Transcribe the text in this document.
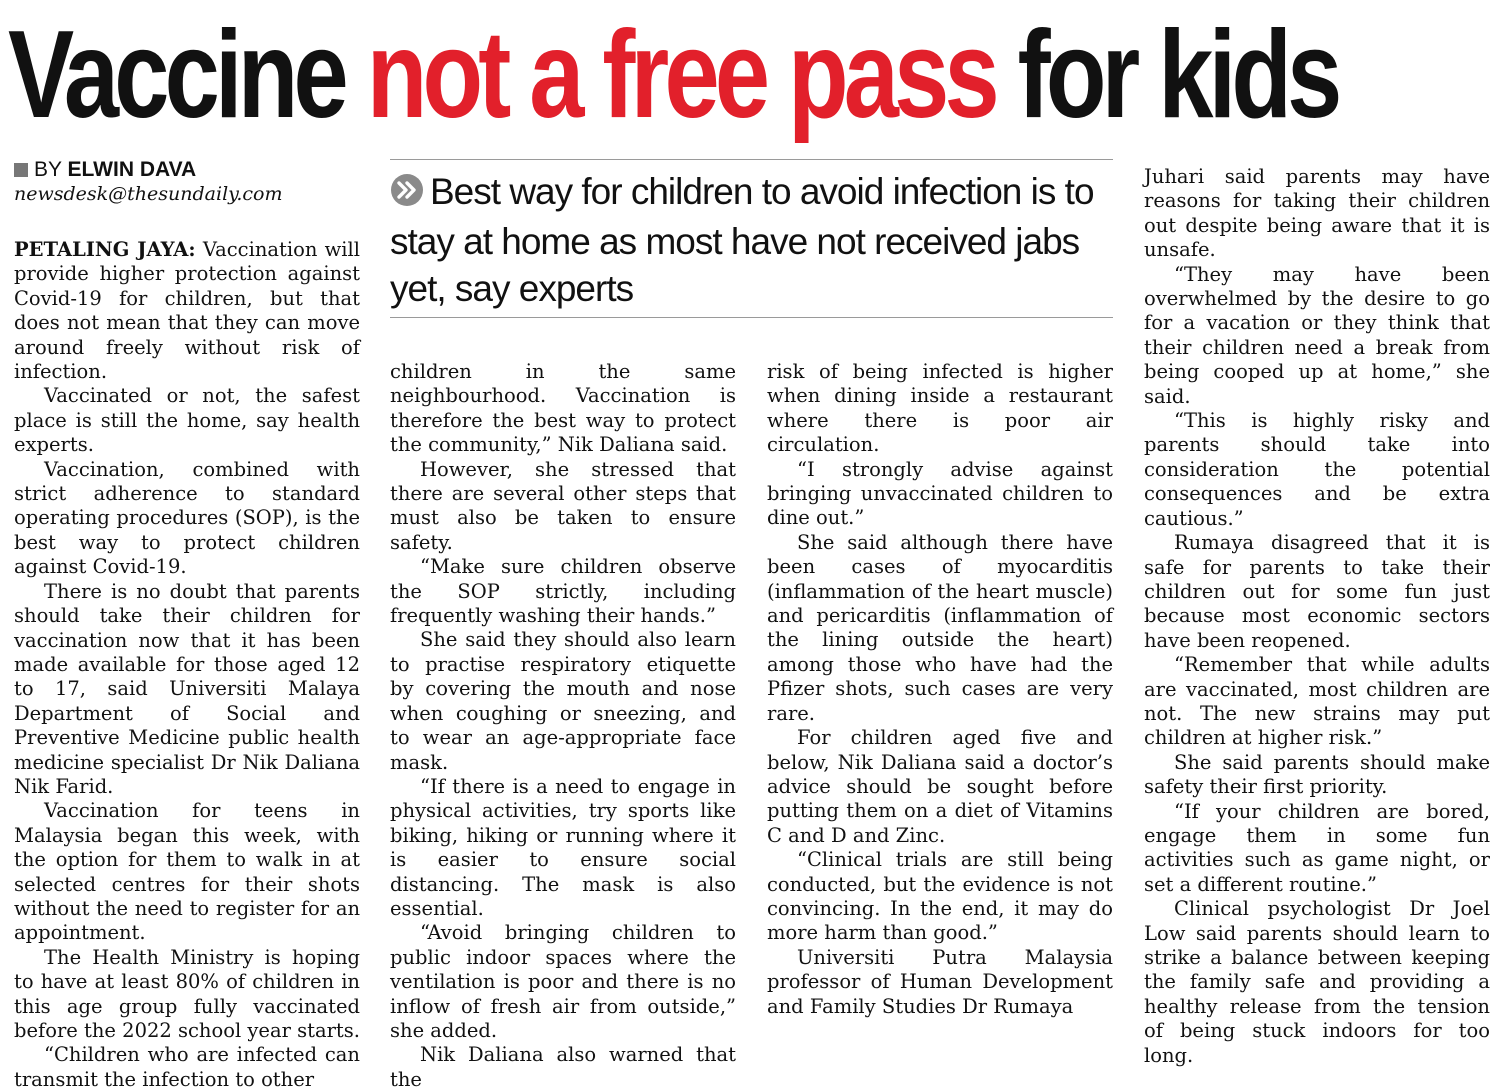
Vaccine not a free pass for kids
BY ELWIN DAVA
newsdesk@thesundaily.com	Best way for children to avoid infection is to stay at home as most have not received jabs yet, say experts

PETALING JAYA: Vaccination will provide higher protection against Covid-19 for children, but that does not mean that they can move around freely without risk of infection.

Vaccinated or not, the safest place is still the home, say health experts.

Vaccination, combined with strict adherence to standard operating procedures (SOP), is the best way to protect children against Covid-19.

There is no doubt that parents should take their children for vaccination now that it has been made available for those aged 12 to 17, said Universiti Malaya Department of Social and Preventive Medicine public health medicine specialist Dr Nik Daliana Nik Farid.

Vaccination for teens in Malaysia began this week, with the option for them to walk in at selected centres for their shots without the need to register for an appointment.

The Health Ministry is hoping to have at least 80% of children in this age group fully vaccinated before the 2022 school year starts.

“Children who are infected can transmit the infection to other

children in the same neighbourhood. Vaccination is therefore the best way to protect the community,” Nik Daliana said.

However, she stressed that there are several other steps that must also be taken to ensure safety.

“Make sure children observe the SOP strictly, including frequently washing their hands.”

She said they should also learn to practise respiratory etiquette by covering the mouth and nose when coughing or sneezing, and to wear an age-appropriate face mask.

“If there is a need to engage in physical activities, try sports like biking, hiking or running where it is easier to ensure social distancing. The mask is also essential.

“Avoid bringing children to public indoor spaces where the ventilation is poor and there is no inflow of fresh air from outside,” she added.

Nik Daliana also warned that the

risk of being infected is higher when dining inside a restaurant where there is poor air circulation.

“I strongly advise against bringing unvaccinated children to dine out.”

She said although there have been cases of myocarditis (inflammation of the heart muscle) and pericarditis (inflammation of the lining outside the heart) among those who have had the Pfizer shots, such cases are very rare.

For children aged five and below, Nik Daliana said a doctor’s advice should be sought before putting them on a diet of Vitamins C and D and Zinc.

“Clinical trials are still being conducted, but the evidence is not convincing. In the end, it may do more harm than good.”

Universiti Putra Malaysia professor of Human Development and Family Studies Dr Rumaya

Juhari said parents may have reasons for taking their children out despite being aware that it is unsafe.

“They may have been overwhelmed by the desire to go for a vacation or they think that their children need a break from being cooped up at home,” she said.

“This is highly risky and parents should take into consideration the potential consequences and be extra cautious.”

Rumaya disagreed that it is safe for parents to take their children out for some fun just because most economic sectors have been reopened.

“Remember that while adults are vaccinated, most children are not. The new strains may put children at higher risk.”

She said parents should make safety their first priority.

“If your children are bored, engage them in some fun activities such as game night, or set a different routine.”

Clinical psychologist Dr Joel Low said parents should learn to strike a balance between keeping the family safe and providing a healthy release from the tension of being stuck indoors for too long.
